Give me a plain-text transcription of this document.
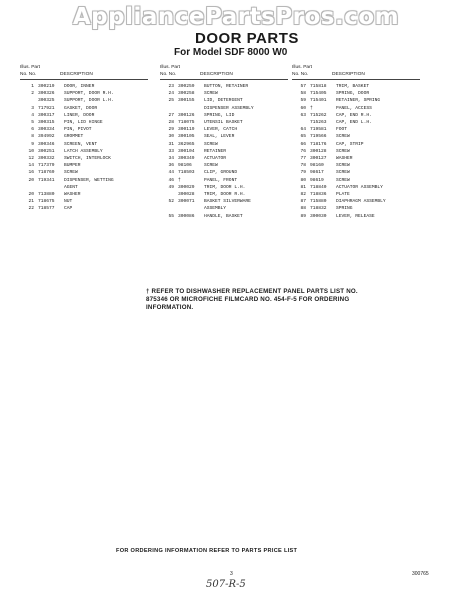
AppliancePartsPros.com
DOOR PARTS
For Model SDF 8000 W0
Illus. Part
No. No.	DESCRIPTION
1 300219	DOOR, INNER
2 300326	SUPPORT, DOOR R.H.
300325	SUPPORT, DOOR L.H.
3 717921	GASKET, DOOR
4 300317	LINER, DOOR
5 300315	PIN, LID HINGE
6 300334	PIN, PIVOT
8 394992	GROMMET
9 300346	SCREEN, VENT
10 300251	LATCH ASSEMBLY
12 300332	SWITCH, INTERLOCK
14 717379	BUMPER
16 718769	SCREW
20 719341	DISPENSER, WETTING
AGENT
20 713880	WASHER
21 718675	NUT
22 718577	CAP
Illus. Part
No. No.	DESCRIPTION
23 300259	BUTTON, RETAINER
24 300258	SCREW
25 300155	LID, DETERGENT
DISPENSER ASSEMBLY
27 300126	SPRING, LID
28 718075	UTENSIL BASKET
29 300119	LEVER, CATCH
30 300105	SEAL, LEVER
31 362965	SCREW
33 300104	RETAINER
34 300349	ACTUATOR
36 98106	SCREW
44 718503	CLIP, GROUND
46 †	PANEL, FRONT
49 300029	TRIM, DOOR L.H.
300028	TRIM, DOOR R.H.
52 300071	BASKET SILVERWARE
ASSEMBLY
55 300086	HANDLE, BASKET
Illus. Part
No. No.	DESCRIPTION
57 715818	TRIM, BASKET
58 715405	SPRING, DOOR
59 715401	RETAINER, SPRING
60 †	PANEL, ACCESS
63 715262	CAP, END R.H.
715263	CAP, END L.H.
64 719581	FOOT
65 719566	SCREW
66 718176	CAP, STRIP
76 300128	SCREW
77 300127	WASHER
78 98160	SCREW
79 98617	SCREW
80 98619	SCREW
81 718840	ACTUATOR ASSEMBLY
82 718836	PLATE
87 715880	DIAPHRAGM ASSEMBLY
88 718832	SPRING
89 300030	LEVER, RELEASE
† REFER TO DISHWASHER REPLACEMENT PANEL PARTS LIST NO. 875346 OR MICROFICHE FILMCARD NO. 454-F-5 FOR ORDERING INFORMATION.
FOR ORDERING INFORMATION REFER TO PARTS PRICE LIST
3
507-R-5
300765
